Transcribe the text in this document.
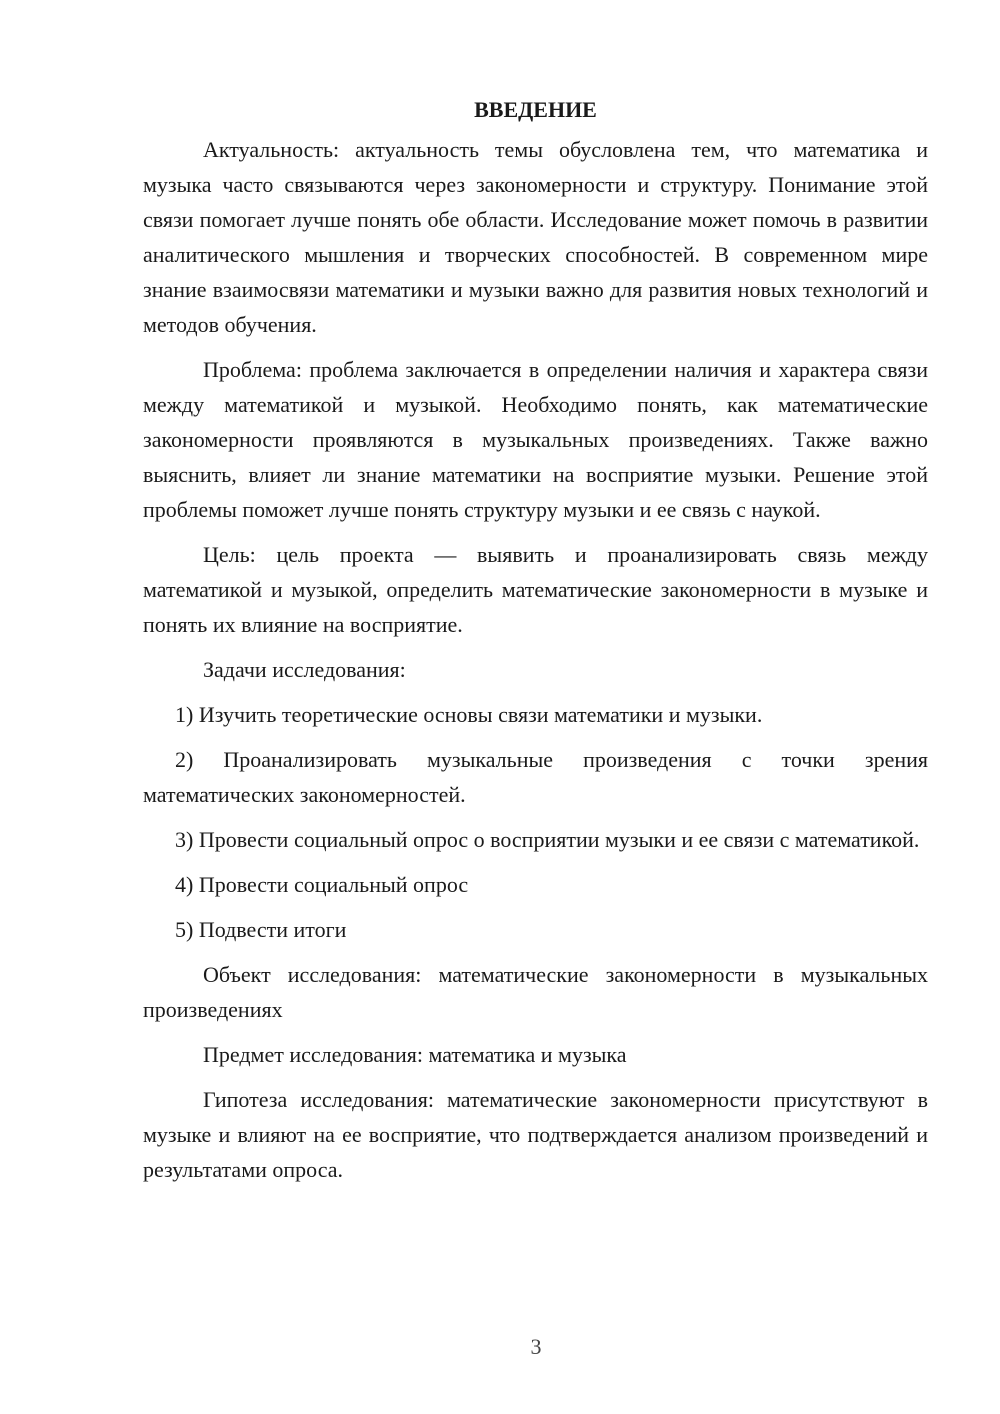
ВВЕДЕНИЕ

Актуальность: актуальность темы обусловлена тем, что математика и музыка часто связываются через закономерности и структуру. Понимание этой связи помогает лучше понять обе области. Исследование может помочь в развитии аналитического мышления и творческих способностей. В современном мире знание взаимосвязи математики и музыки важно для развития новых технологий и методов обучения.

Проблема: проблема заключается в определении наличия и характера связи между математикой и музыкой. Необходимо понять, как математические закономерности проявляются в музыкальных произведениях. Также важно выяснить, влияет ли знание математики на восприятие музыки. Решение этой проблемы поможет лучше понять структуру музыки и ее связь с наукой.

Цель: цель проекта — выявить и проанализировать связь между математикой и музыкой, определить математические закономерности в музыке и понять их влияние на восприятие.

Задачи исследования:

1) Изучить теоретические основы связи математики и музыки.

2) Проанализировать музыкальные произведения с точки зрения математических закономерностей.

3) Провести социальный опрос о восприятии музыки и ее связи с математикой.

4) Провести социальный опрос

5) Подвести итоги

Объект исследования: математические закономерности в музыкальных произведениях

Предмет исследования: математика и музыка

Гипотеза исследования: математические закономерности присутствуют в музыке и влияют на ее восприятие, что подтверждается анализом произведений и результатами опроса.

3
